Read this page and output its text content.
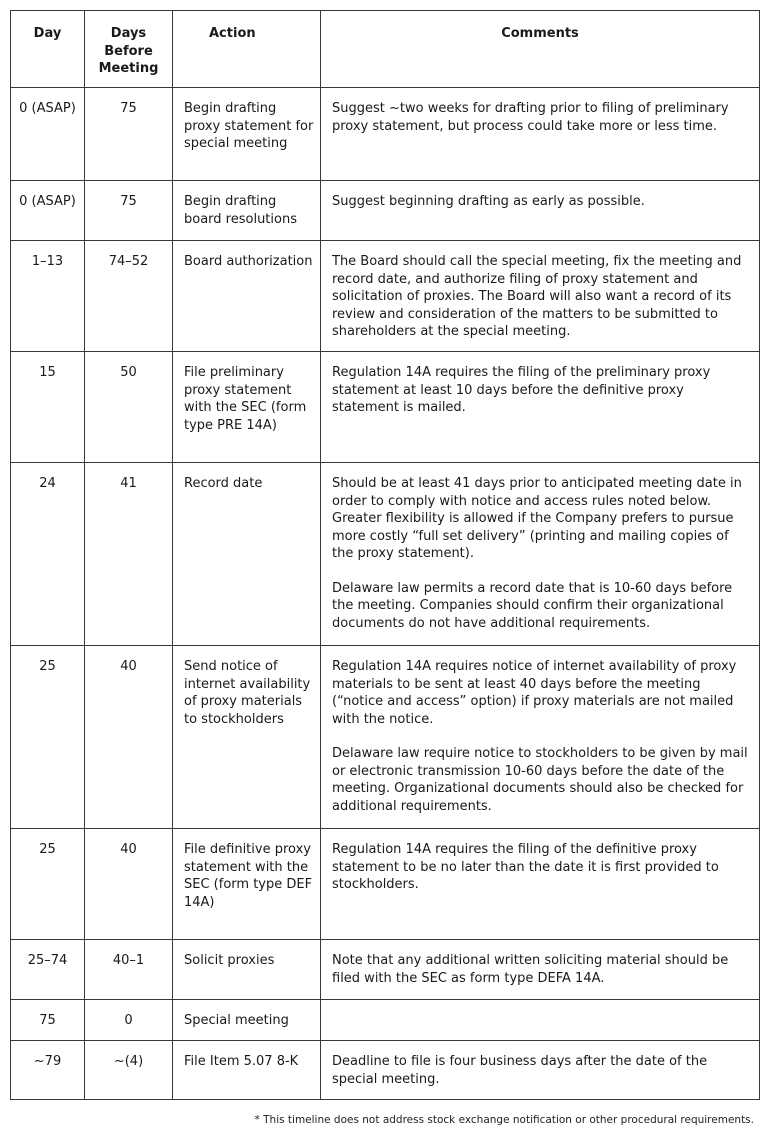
Day	Days Before Meeting	Action	Comments
0 (ASAP)	75	Begin drafting proxy statement for special meeting	Suggest ~two weeks for drafting prior to filing of preliminary proxy statement, but process could take more or less time.

0 (ASAP)	75	Begin drafting board resolutions	Suggest beginning drafting as early as possible.

1–13	74–52	Board authorization	The Board should call the special meeting, fix the meeting and record date, and authorize filing of proxy statement and solicitation of proxies. The Board will also want a record of its review and consideration of the matters to be submitted to shareholders at the special meeting.

15	50	File preliminary proxy statement with the SEC (form type PRE 14A)	Regulation 14A requires the filing of the preliminary proxy statement at least 10 days before the definitive proxy statement is mailed.

24	41	Record date	Should be at least 41 days prior to anticipated meeting date in order to comply with notice and access rules noted below. Greater flexibility is allowed if the Company prefers to pursue more costly “full set delivery” (printing and mailing copies of the proxy statement).
Delaware law permits a record date that is 10-60 days before the meeting. Companies should confirm their organizational documents do not have additional requirements.

25	40	Send notice of internet availability of proxy materials to stockholders	Regulation 14A requires notice of internet availability of proxy materials to be sent at least 40 days before the meeting (“notice and access” option) if proxy materials are not mailed with the notice.
Delaware law require notice to stockholders to be given by mail or electronic transmission 10-60 days before the date of the meeting. Organizational documents should also be checked for additional requirements.

25	40	File definitive proxy statement with the SEC (form type DEF 14A)	Regulation 14A requires the filing of the definitive proxy statement to be no later than the date it is first provided to stockholders.

25–74	40–1	Solicit proxies	Note that any additional written soliciting material should be filed with the SEC as form type DEFA 14A.

75	0	Special meeting	

~79	~(4)	File Item 5.07 8-K	Deadline to file is four business days after the date of the special meeting.
* This timeline does not address stock exchange notification or other procedural requirements.
